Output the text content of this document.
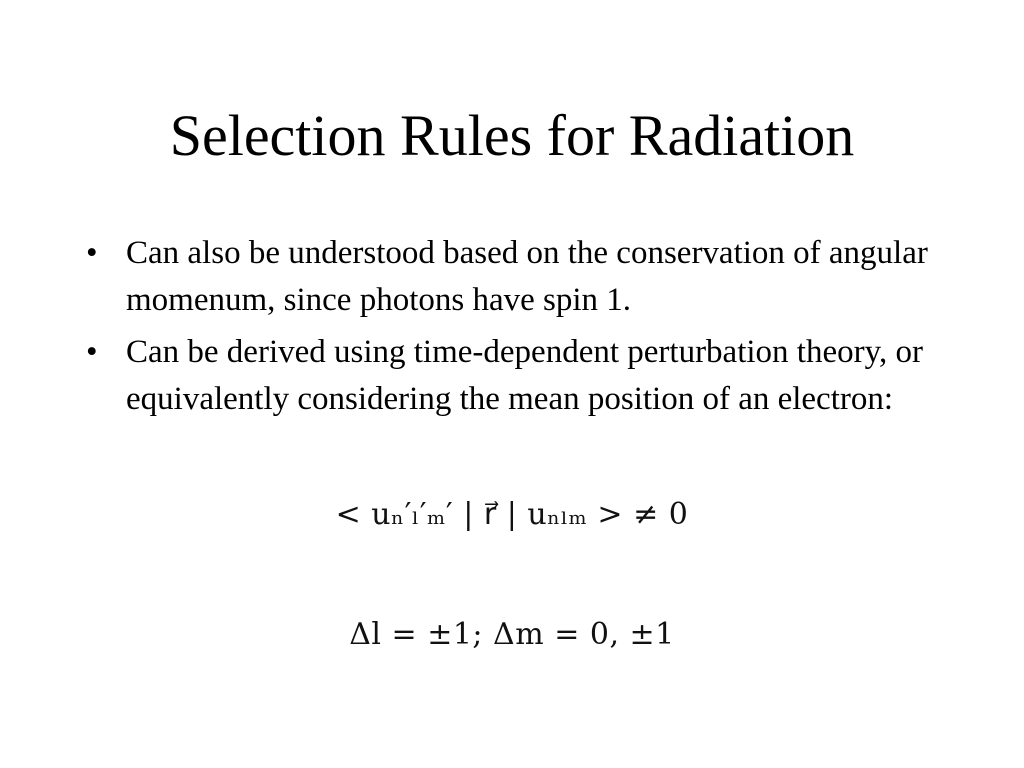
Selection Rules for Radiation
• Can also be understood based on the conservation of angular momenum, since photons have spin 1.
• Can be derived using time-dependent perturbation theory, or equivalently considering the mean position of an electron:
< uₙ′ₗ′ₘ′ | r⃗ | uₙₗₘ > ≠ 0
Δl = ±1; Δm = 0, ±1
